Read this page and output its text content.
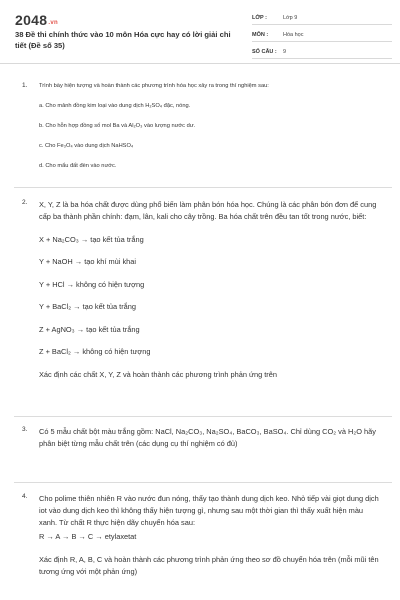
2048.vn
38 Đề thi chính thức vào 10 môn Hóa cực hay có lời giải chi tiết (Đề số 35)
LỚP :	Lớp 9
MÔN :	Hóa học
SỐ CÂU : 9
1. Trình bày hiện tượng và hoàn thành các phương trình hóa học xảy ra trong thí nghiệm sau:

a. Cho mảnh đồng kim loại vào dung dịch H₂SO₄ đặc, nóng.

b. Cho hỗn hợp đồng số mol Ba và Al₂O₃ vào lượng nước dư.

c. Cho Fe₃O₄ vào dung dịch NaHSO₄

d. Cho mẩu đất đèn vào nước.

2. X, Y, Z là ba hóa chất được dùng phổ biến làm phân bón hóa học. Chúng là các phân bón đơn để cung cấp ba thành phần chính: đạm, lân, kali cho cây trồng. Ba hóa chất trên đều tan tốt trong nước, biết:

X + Na₂CO₃ → tạo kết tủa trắng

Y + NaOH → tạo khí mùi khai

Y + HCl → không có hiện tượng

Y + BaCl₂ → tạo kết tủa trắng

Z + AgNO₃ → tạo kết tủa trắng

Z + BaCl₂ → không có hiện tượng

Xác định các chất X, Y, Z và hoàn thành các phương trình phản ứng trên

3. Có 5 mẫu chất bột màu trắng gồm: NaCl, Na₂CO₃, Na₂SO₄, BaCO₃, BaSO₄. Chỉ dùng CO₂ và H₂O hãy phân biệt từng mẫu chất trên (các dụng cụ thí nghiệm có đủ)

4. Cho polime thiên nhiên R vào nước đun nóng, thấy tạo thành dung dịch keo. Nhỏ tiếp vài giọt dung dịch iot vào dung dịch keo thì không thấy hiện tượng gì, nhưng sau một thời gian thì thấy xuất hiện màu xanh. Từ chất R thực hiện dãy chuyển hóa sau:

R → A → B → C → etylaxetat

Xác định R, A, B, C và hoàn thành các phương trình phản ứng theo sơ đồ chuyển hóa trên (mỗi mũi tên tương ứng với một phản ứng)
